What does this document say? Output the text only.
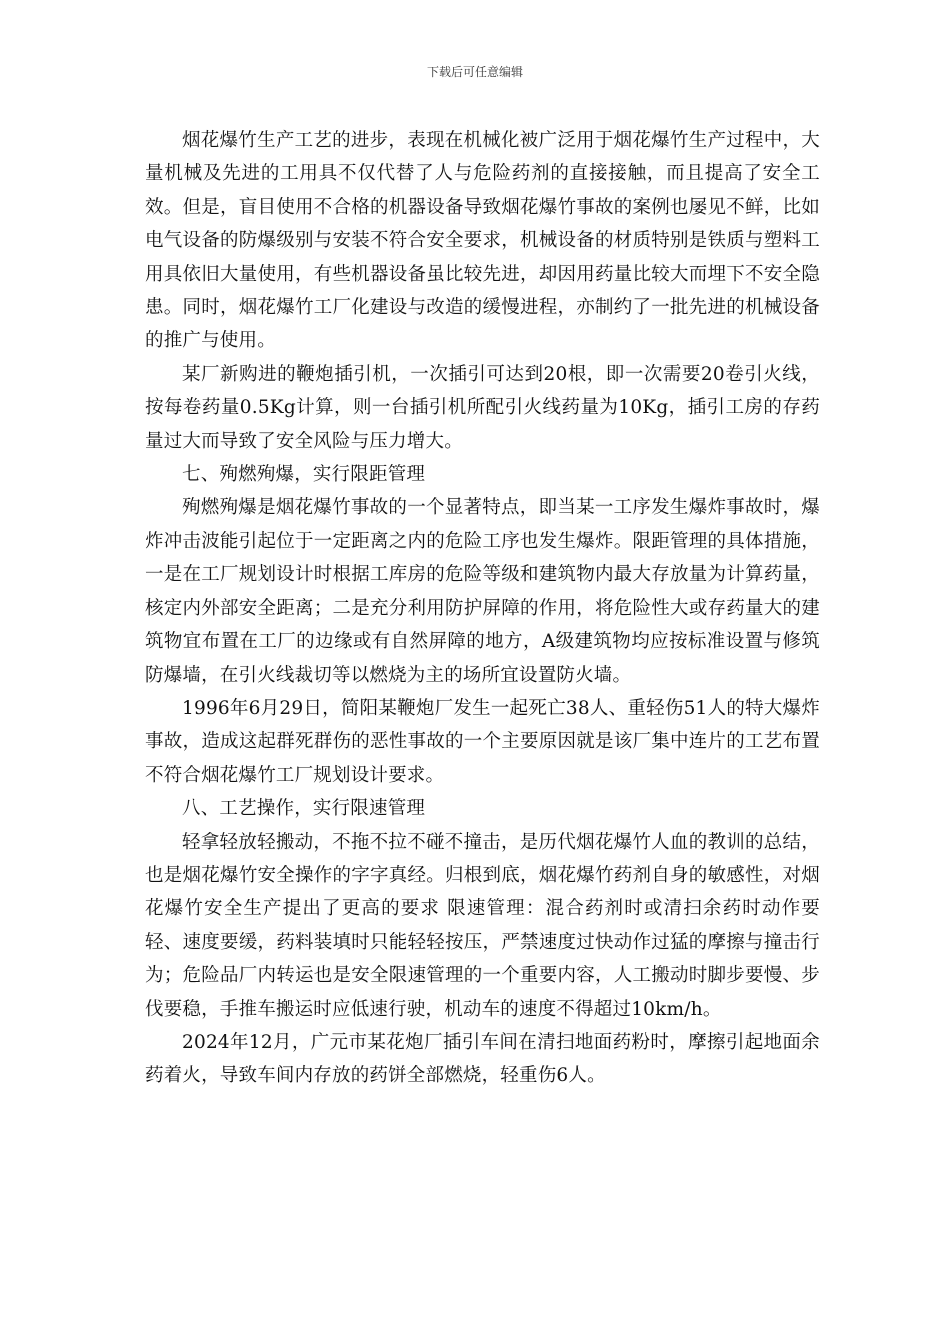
下载后可任意编辑

烟花爆竹生产工艺的进步，表现在机械化被广泛用于烟花爆竹生产过程中，大量机械及先进的工用具不仅代替了人与危险药剂的直接接触，而且提高了安全工效。但是，盲目使用不合格的机器设备导致烟花爆竹事故的案例也屡见不鲜，比如电气设备的防爆级别与安装不符合安全要求，机械设备的材质特别是铁质与塑料工用具依旧大量使用，有些机器设备虽比较先进，却因用药量比较大而埋下不安全隐患。同时，烟花爆竹工厂化建设与改造的缓慢进程，亦制约了一批先进的机械设备的推广与使用。

某厂新购进的鞭炮插引机，一次插引可达到20根，即一次需要20卷引火线，按每卷药量0.5Kg计算，则一台插引机所配引火线药量为10Kg，插引工房的存药量过大而导致了安全风险与压力增大。

七、殉燃殉爆，实行限距管理

殉燃殉爆是烟花爆竹事故的一个显著特点，即当某一工序发生爆炸事故时，爆炸冲击波能引起位于一定距离之内的危险工序也发生爆炸。限距管理的具体措施，一是在工厂规划设计时根据工库房的危险等级和建筑物内最大存放量为计算药量，核定内外部安全距离；二是充分利用防护屏障的作用，将危险性大或存药量大的建筑物宜布置在工厂的边缘或有自然屏障的地方，A级建筑物均应按标准设置与修筑防爆墙，在引火线裁切等以燃烧为主的场所宜设置防火墙。

1996年6月29日，简阳某鞭炮厂发生一起死亡38人、重轻伤51人的特大爆炸事故，造成这起群死群伤的恶性事故的一个主要原因就是该厂集中连片的工艺布置不符合烟花爆竹工厂规划设计要求。

八、工艺操作，实行限速管理

轻拿轻放轻搬动，不拖不拉不碰不撞击，是历代烟花爆竹人血的教训的总结，也是烟花爆竹安全操作的字字真经。归根到底，烟花爆竹药剂自身的敏感性，对烟花爆竹安全生产提出了更高的要求 限速管理：混合药剂时或清扫余药时动作要轻、速度要缓，药料装填时只能轻轻按压，严禁速度过快动作过猛的摩擦与撞击行为；危险品厂内转运也是安全限速管理的一个重要内容，人工搬动时脚步要慢、步伐要稳，手推车搬运时应低速行驶，机动车的速度不得超过10km/h。

2024年12月，广元市某花炮厂插引车间在清扫地面药粉时，摩擦引起地面余药着火，导致车间内存放的药饼全部燃烧，轻重伤6人。
